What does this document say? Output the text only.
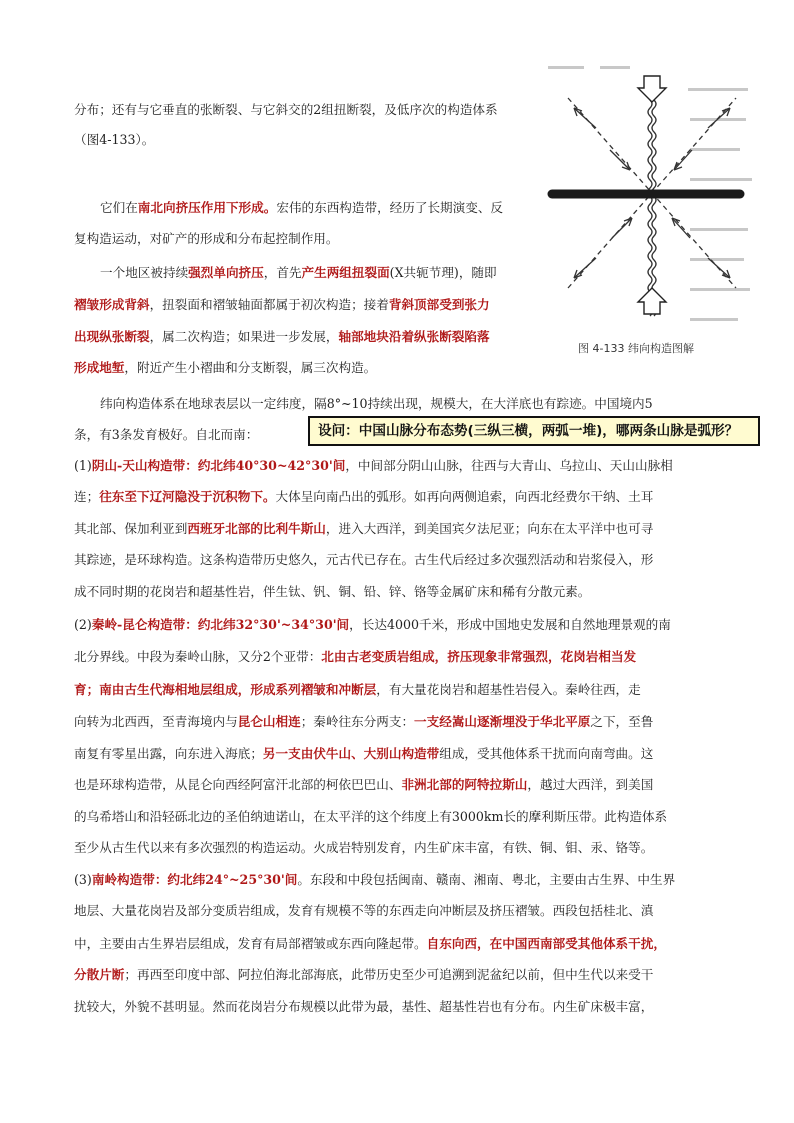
图 4-133 纬向构造图解
设问：中国山脉分布态势(三纵三横，两弧一堆)，哪两条山脉是弧形？
分布；还有与它垂直的张断裂、与它斜交的2组扭断裂，及低序次的构造体系
（图4-133）。
它们在南北向挤压作用下形成。宏伟的东西构造带，经历了长期演变、反
复构造运动，对矿产的形成和分布起控制作用。
一个地区被持续强烈单向挤压，首先产生两组扭裂面(X共轭节理)，随即
褶皱形成背斜，扭裂面和褶皱轴面都属于初次构造；接着背斜顶部受到张力
出现纵张断裂，属二次构造；如果进一步发展，轴部地块沿着纵张断裂陷落
形成地堑，附近产生小褶曲和分支断裂，属三次构造。
纬向构造体系在地球表层以一定纬度，隔8°~10持续出现，规模大，在大洋底也有踪迹。中国境内5
条，有3条发育极好。自北而南：
(1)阴山-天山构造带：约北纬40°30~42°30'间，中间部分阴山山脉，往西与大青山、乌拉山、天山山脉相
连；往东至下辽河隐没于沉积物下。大体呈向南凸出的弧形。如再向两侧追索，向西北经费尔干纳、土耳
其北部、保加利亚到西班牙北部的比利牛斯山，进入大西洋，到美国宾夕法尼亚；向东在太平洋中也可寻
其踪迹，是环球构造。这条构造带历史悠久，元古代已存在。古生代后经过多次强烈活动和岩浆侵入，形
成不同时期的花岗岩和超基性岩，伴生钛、钒、铜、铅、锌、铬等金属矿床和稀有分散元素。
(2)秦岭-昆仑构造带：约北纬32°30'~34°30'间，长达4000千米，形成中国地史发展和自然地理景观的南
北分界线。中段为秦岭山脉，又分2个亚带：北由古老变质岩组成，挤压现象非常强烈，花岗岩相当发
育；南由古生代海相地层组成，形成系列褶皱和冲断层，有大量花岗岩和超基性岩侵入。秦岭往西，走
向转为北西西，至青海境内与昆仑山相连；秦岭往东分两支：一支经嵩山逐渐埋没于华北平原之下，至鲁
南复有零星出露，向东进入海底；另一支由伏牛山、大别山构造带组成，受其他体系干扰而向南弯曲。这
也是环球构造带，从昆仑向西经阿富汗北部的柯依巴巴山、非洲北部的阿特拉斯山，越过大西洋，到美国
的乌希塔山和沿轻砾北边的圣伯纳迪诺山，在太平洋的这个纬度上有3000km长的摩利斯压带。此构造体系
至少从古生代以来有多次强烈的构造运动。火成岩特别发育，内生矿床丰富，有铁、铜、钼、汞、铬等。
(3)南岭构造带：约北纬24°~25°30'间。东段和中段包括闽南、赣南、湘南、粤北，主要由古生界、中生界
地层、大量花岗岩及部分变质岩组成，发育有规模不等的东西走向冲断层及挤压褶皱。西段包括桂北、滇
中，主要由古生界岩层组成，发育有局部褶皱或东西向隆起带。自东向西，在中国西南部受其他体系干扰，
分散片断；再西至印度中部、阿拉伯海北部海底，此带历史至少可追溯到泥盆纪以前，但中生代以来受干
扰较大，外貌不甚明显。然而花岗岩分布规模以此带为最，基性、超基性岩也有分布。内生矿床极丰富，
